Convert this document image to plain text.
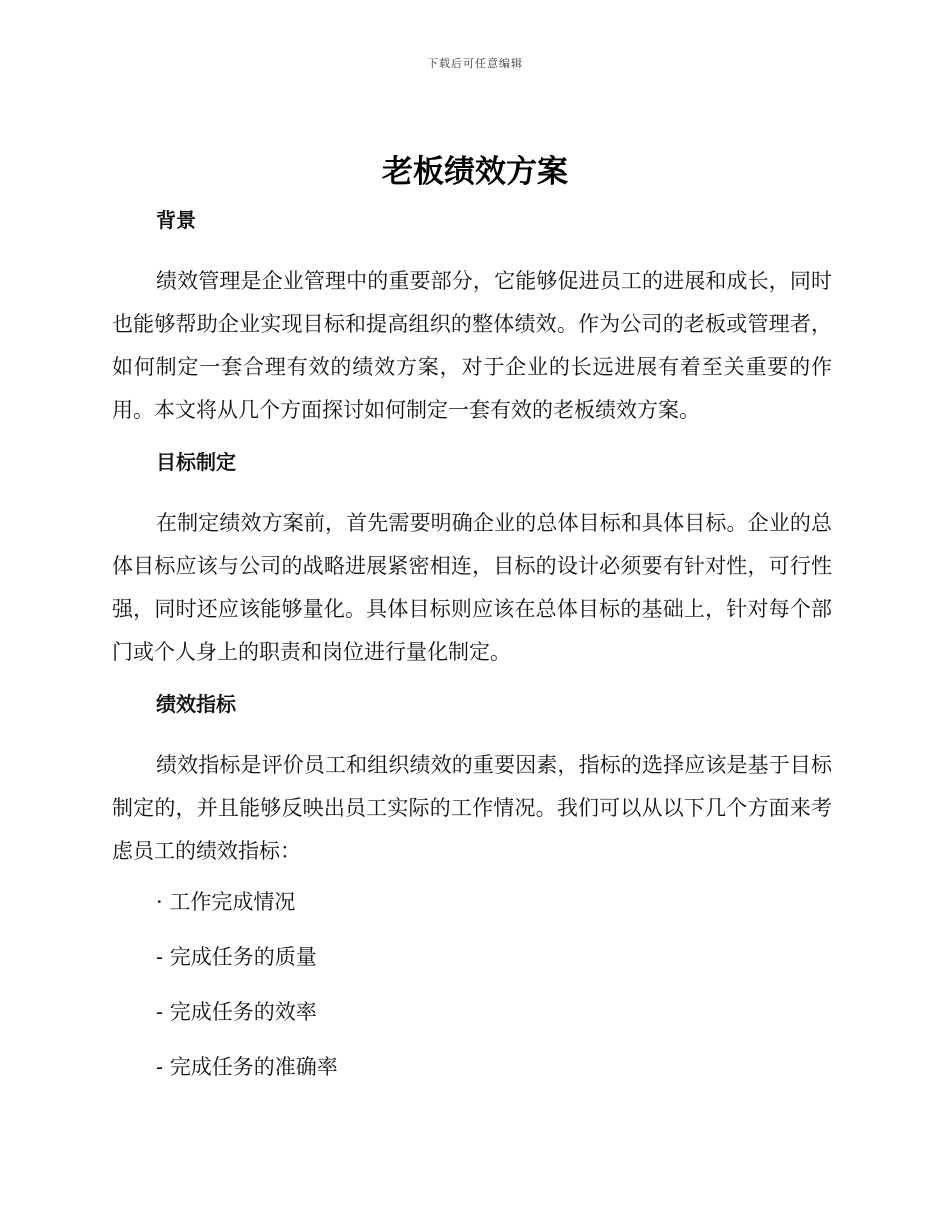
下载后可任意编辑
老板绩效方案
背景

绩效管理是企业管理中的重要部分，它能够促进员工的进展和成长，同时也能够帮助企业实现目标和提高组织的整体绩效。作为公司的老板或管理者，如何制定一套合理有效的绩效方案，对于企业的长远进展有着至关重要的作用。本文将从几个方面探讨如何制定一套有效的老板绩效方案。

目标制定

在制定绩效方案前，首先需要明确企业的总体目标和具体目标。企业的总体目标应该与公司的战略进展紧密相连，目标的设计必须要有针对性，可行性强，同时还应该能够量化。具体目标则应该在总体目标的基础上，针对每个部门或个人身上的职责和岗位进行量化制定。

绩效指标

绩效指标是评价员工和组织绩效的重要因素，指标的选择应该是基于目标制定的，并且能够反映出员工实际的工作情况。我们可以从以下几个方面来考虑员工的绩效指标：

· 工作完成情况
- 完成任务的质量
- 完成任务的效率
- 完成任务的准确率
